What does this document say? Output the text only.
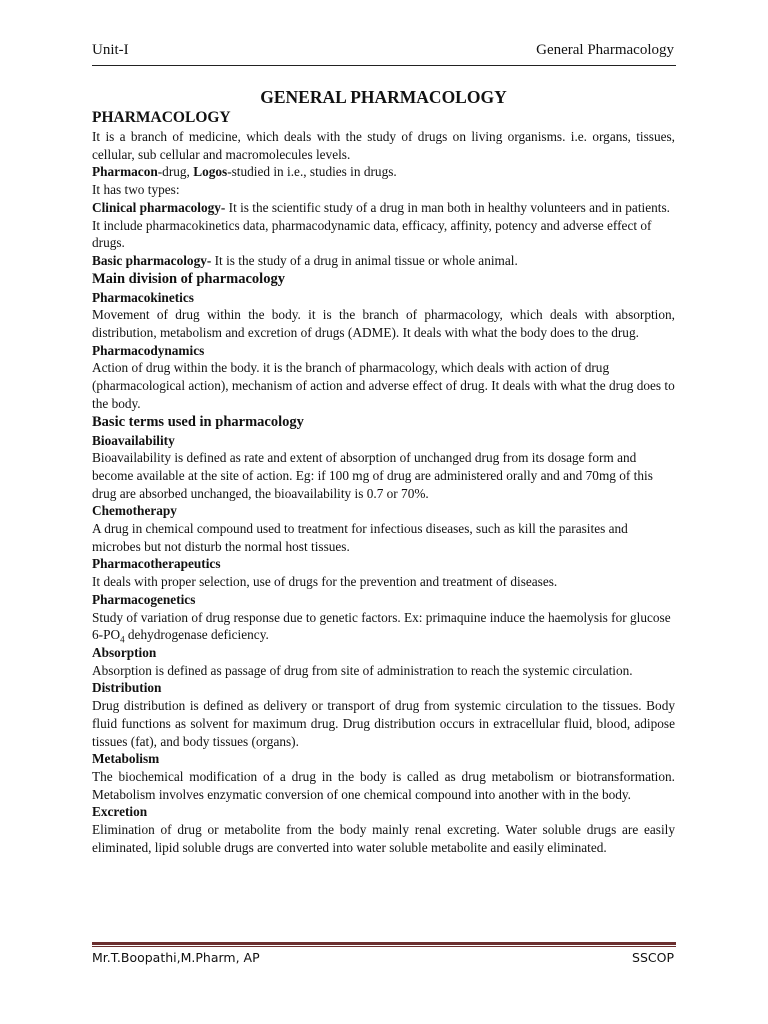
Unit-I	General Pharmacology

GENERAL PHARMACOLOGY

PHARMACOLOGY

It is a branch of medicine, which deals with the study of drugs on living organisms. i.e. organs, tissues, cellular, sub cellular and macromolecules levels.

Pharmacon-drug, Logos-studied in i.e., studies in drugs.

It has two types:

Clinical pharmacology- It is the scientific study of a drug in man both in healthy volunteers and in patients. It include pharmacokinetics data, pharmacodynamic data, efficacy, affinity, potency and adverse effect of drugs.

Basic pharmacology- It is the study of a drug in animal tissue or whole animal.

Main division of pharmacology

Pharmacokinetics

Movement of drug within the body. it is the branch of pharmacology, which deals with absorption, distribution, metabolism and excretion of drugs (ADME). It deals with what the body does to the drug.

Pharmacodynamics

Action of drug within the body. it is the branch of pharmacology, which deals with action of drug (pharmacological action), mechanism of action and adverse effect of drug. It deals with what the drug does to the body.

Basic terms used in pharmacology

Bioavailability

Bioavailability is defined as rate and extent of absorption of unchanged drug from its dosage form and become available at the site of action. Eg: if 100 mg of drug are administered orally and and 70mg of this drug are absorbed unchanged, the bioavailability is 0.7 or 70%.

Chemotherapy

A drug in chemical compound used to treatment for infectious diseases, such as kill the parasites and microbes but not disturb the normal host tissues.

Pharmacotherapeutics

It deals with proper selection, use of drugs for the prevention and treatment of diseases.

Pharmacogenetics

Study of variation of drug response due to genetic factors. Ex: primaquine induce the haemolysis for glucose $6-PO_4$ dehydrogenase deficiency.

Absorption

Absorption is defined as passage of drug from site of administration to reach the systemic circulation.

Distribution

Drug distribution is defined as delivery or transport of drug from systemic circulation to the tissues. Body fluid functions as solvent for maximum drug. Drug distribution occurs in extracellular fluid, blood, adipose tissues (fat), and body tissues (organs).

Metabolism

The biochemical modification of a drug in the body is called as drug metabolism or biotransformation. Metabolism involves enzymatic conversion of one chemical compound into another with in the body.

Excretion

Elimination of drug or metabolite from the body mainly renal excreting. Water soluble drugs are easily eliminated, lipid soluble drugs are converted into water soluble metabolite and easily eliminated.

Mr.T.Boopathi,M.Pharm, AP	SSCOP
